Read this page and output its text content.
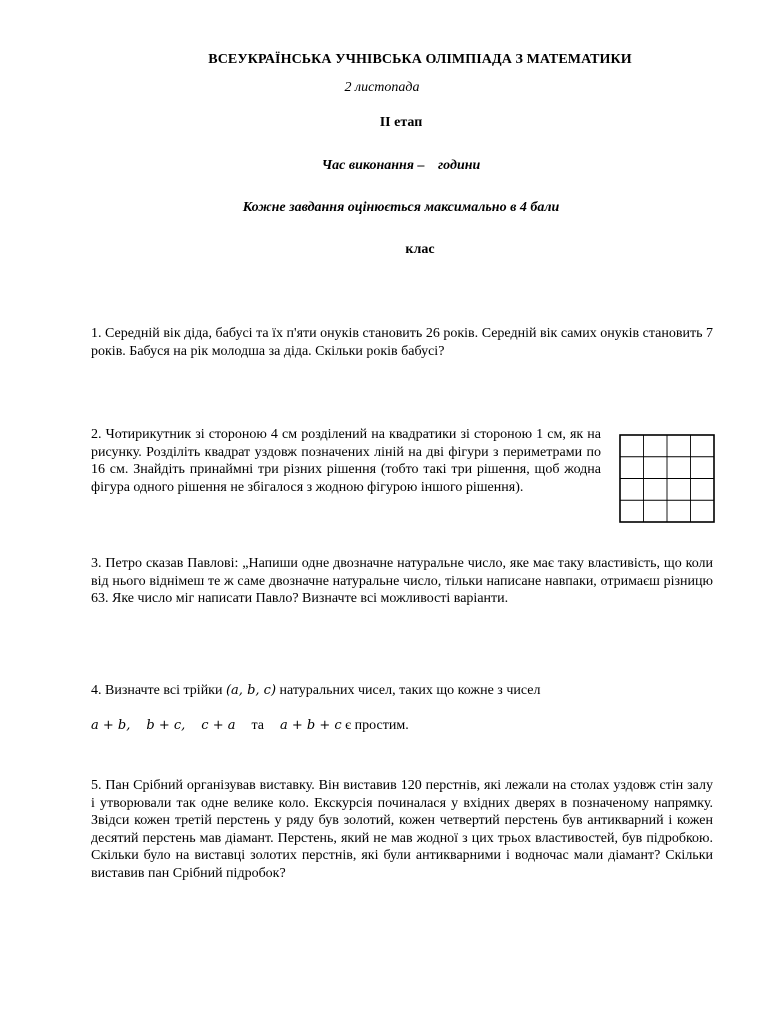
ВСЕУКРАЇНСЬКА УЧНІВСЬКА ОЛІМПІАДА З МАТЕМАТИКИ
2 листопада
ІІ етап
Час виконання – години
Кожне завдання оцінюється максимально в 4 бали
клас
1. Середній вік діда, бабусі та їх п'яти онуків становить 26 років. Середній вік самих онуків становить 7 років. Бабуся на рік молодша за діда. Скільки років бабусі?
2. Чотирикутник зі стороною 4 см розділений на квадратики зі стороною 1 см, як на рисунку. Розділіть квадрат уздовж позначених ліній на дві фігури з периметрами по 16 см. Знайдіть принаймні три різних рішення (тобто такі три рішення, щоб жодна фігура одного рішення не збігалося з жодною фігурою іншого рішення).
3. Петро сказав Павлові: „Напиши одне двозначне натуральне число, яке має таку властивість, що коли від нього віднімеш те ж саме двозначне натуральне число, тільки написане навпаки, отримаєш різницю 63. Яке число міг написати Павло? Визначте всі можливості варіанти.
4. Визначте всі трійки (a, b, c) натуральних чисел, таких що кожне з чисел
a + b, b + c, c + a та a + b + c є простим.
5. Пан Срібний організував виставку. Він виставив 120 перстнів, які лежали на столах уздовж стін залу і утворювали так одне велике коло. Екскурсія починалася у вхідних дверях в позначеному напрямку. Звідси кожен третій перстень у ряду був золотий, кожен четвертий перстень був антикварний і кожен десятий перстень мав діамант. Перстень, який не мав жодної з цих трьох властивостей, був підробкою. Скільки було на виставці золотих перстнів, які були антикварними і водночас мали діамант? Скільки виставив пан Срібний підробок?
